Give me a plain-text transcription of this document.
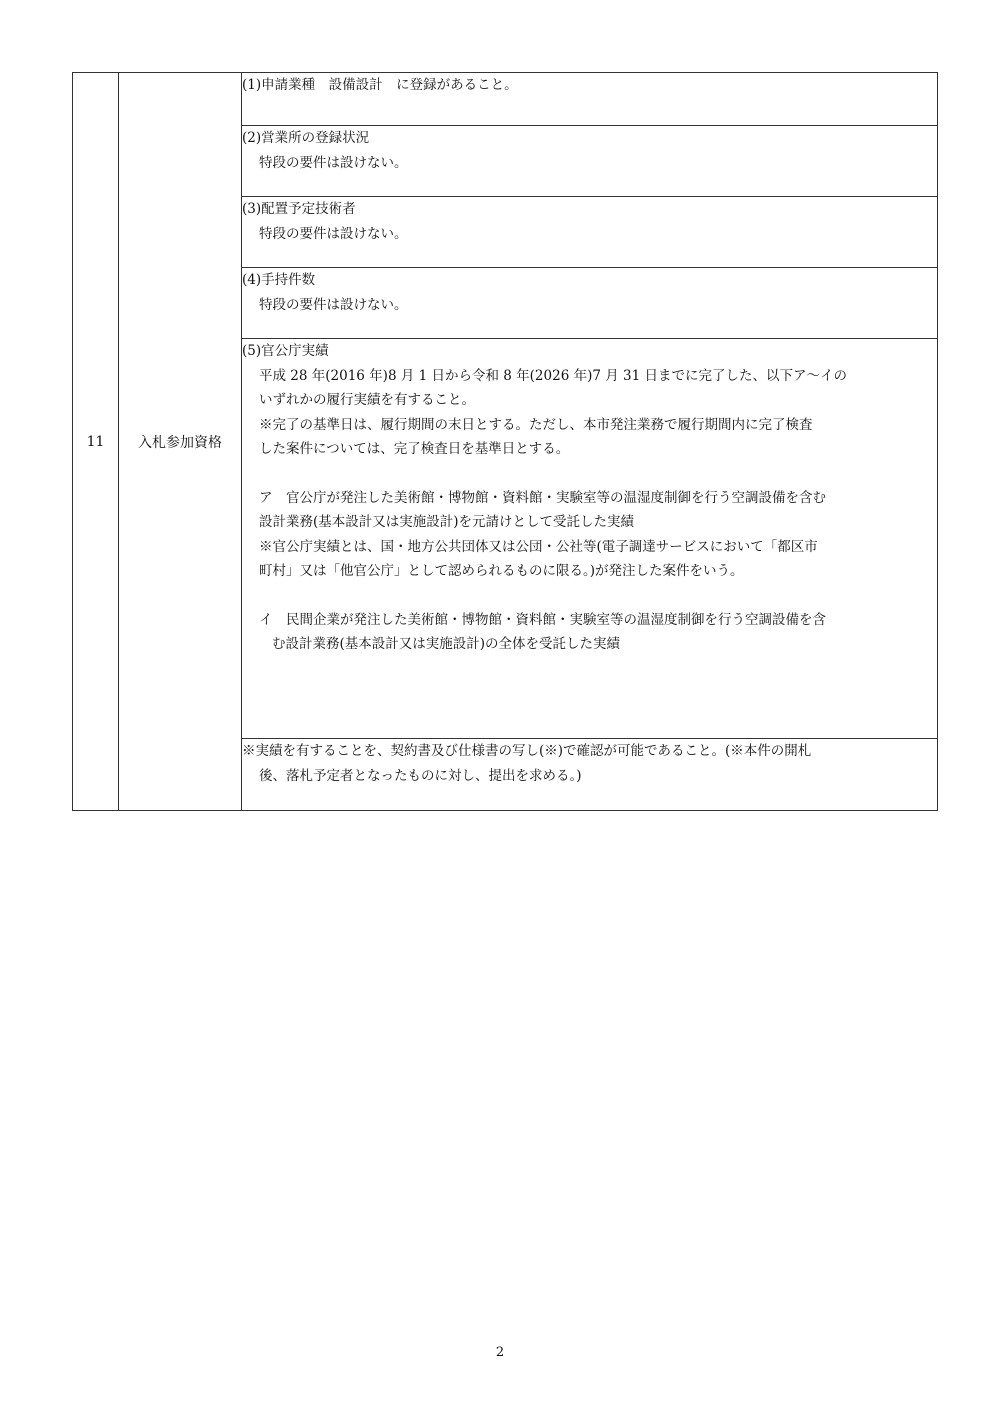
11	入札参加資格	
(1)申請業種　設備設計　に登録があること。

(2)営業所の登録状況
特段の要件は設けない。

(3)配置予定技術者
特段の要件は設けない。

(4)手持件数
特段の要件は設けない。

(5)官公庁実績
平成 28 年(2016 年)8 月 1 日から令和 8 年(2026 年)7 月 31 日までに完了した、以下ア～イの
いずれかの履行実績を有すること。
※完了の基準日は、履行期間の末日とする。ただし、本市発注業務で履行期間内に完了検査
した案件については、完了検査日を基準日とする。
ア　官公庁が発注した美術館・博物館・資料館・実験室等の温湿度制御を行う空調設備を含む
設計業務(基本設計又は実施設計)を元請けとして受託した実績
※官公庁実績とは、国・地方公共団体又は公団・公社等(電子調達サービスにおいて「都区市
町村」又は「他官公庁」として認められるものに限る。)が発注した案件をいう。
イ　民間企業が発注した美術館・博物館・資料館・実験室等の温湿度制御を行う空調設備を含
む設計業務(基本設計又は実施設計)の全体を受託した実績

※実績を有することを、契約書及び仕様書の写し(※)で確認が可能であること。(※本件の開札
後、落札予定者となったものに対し、提出を求める。)
2
